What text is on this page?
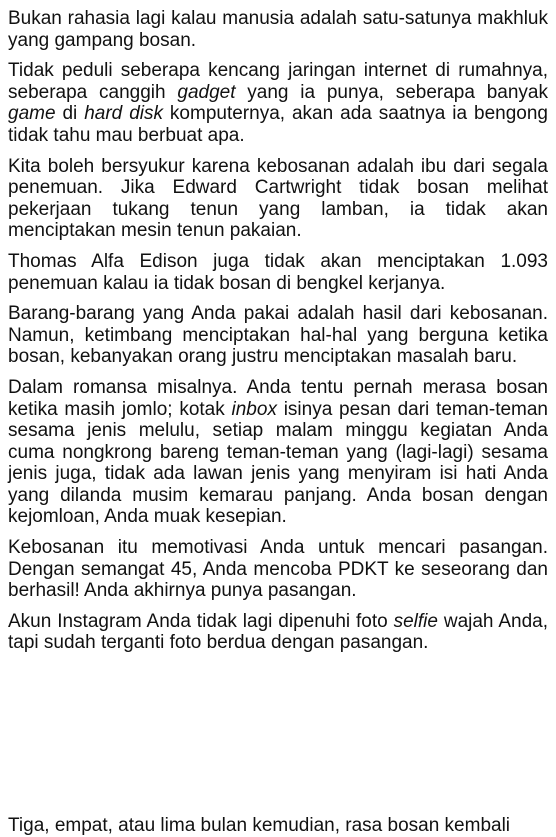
Bukan rahasia lagi kalau manusia adalah satu-satunya makhluk yang gampang bosan.

Tidak peduli seberapa kencang jaringan internet di rumahnya, seberapa canggih gadget yang ia punya, seberapa banyak game di hard disk komputernya, akan ada saatnya ia bengong tidak tahu mau berbuat apa.

Kita boleh bersyukur karena kebosanan adalah ibu dari segala penemuan. Jika Edward Cartwright tidak bosan melihat pekerjaan tukang tenun yang lamban, ia tidak akan menciptakan mesin tenun pakaian.

Thomas Alfa Edison juga tidak akan menciptakan 1.093 penemuan kalau ia tidak bosan di bengkel kerjanya.

Barang-barang yang Anda pakai adalah hasil dari kebosanan. Namun, ketimbang menciptakan hal-hal yang berguna ketika bosan, kebanyakan orang justru menciptakan masalah baru.

Dalam romansa misalnya. Anda tentu pernah merasa bosan ketika masih jomlo; kotak inbox isinya pesan dari teman-teman sesama jenis melulu, setiap malam minggu kegiatan Anda cuma nongkrong bareng teman-teman yang (lagi-lagi) sesama jenis juga, tidak ada lawan jenis yang menyiram isi hati Anda yang dilanda musim kemarau panjang. Anda bosan dengan kejomloan, Anda muak kesepian.

Kebosanan itu memotivasi Anda untuk mencari pasangan. Dengan semangat 45, Anda mencoba PDKT ke seseorang dan berhasil! Anda akhirnya punya pasangan.

Akun Instagram Anda tidak lagi dipenuhi foto selfie wajah Anda, tapi sudah terganti foto berdua dengan pasangan.

Tiga, empat, atau lima bulan kemudian, rasa bosan kembali
